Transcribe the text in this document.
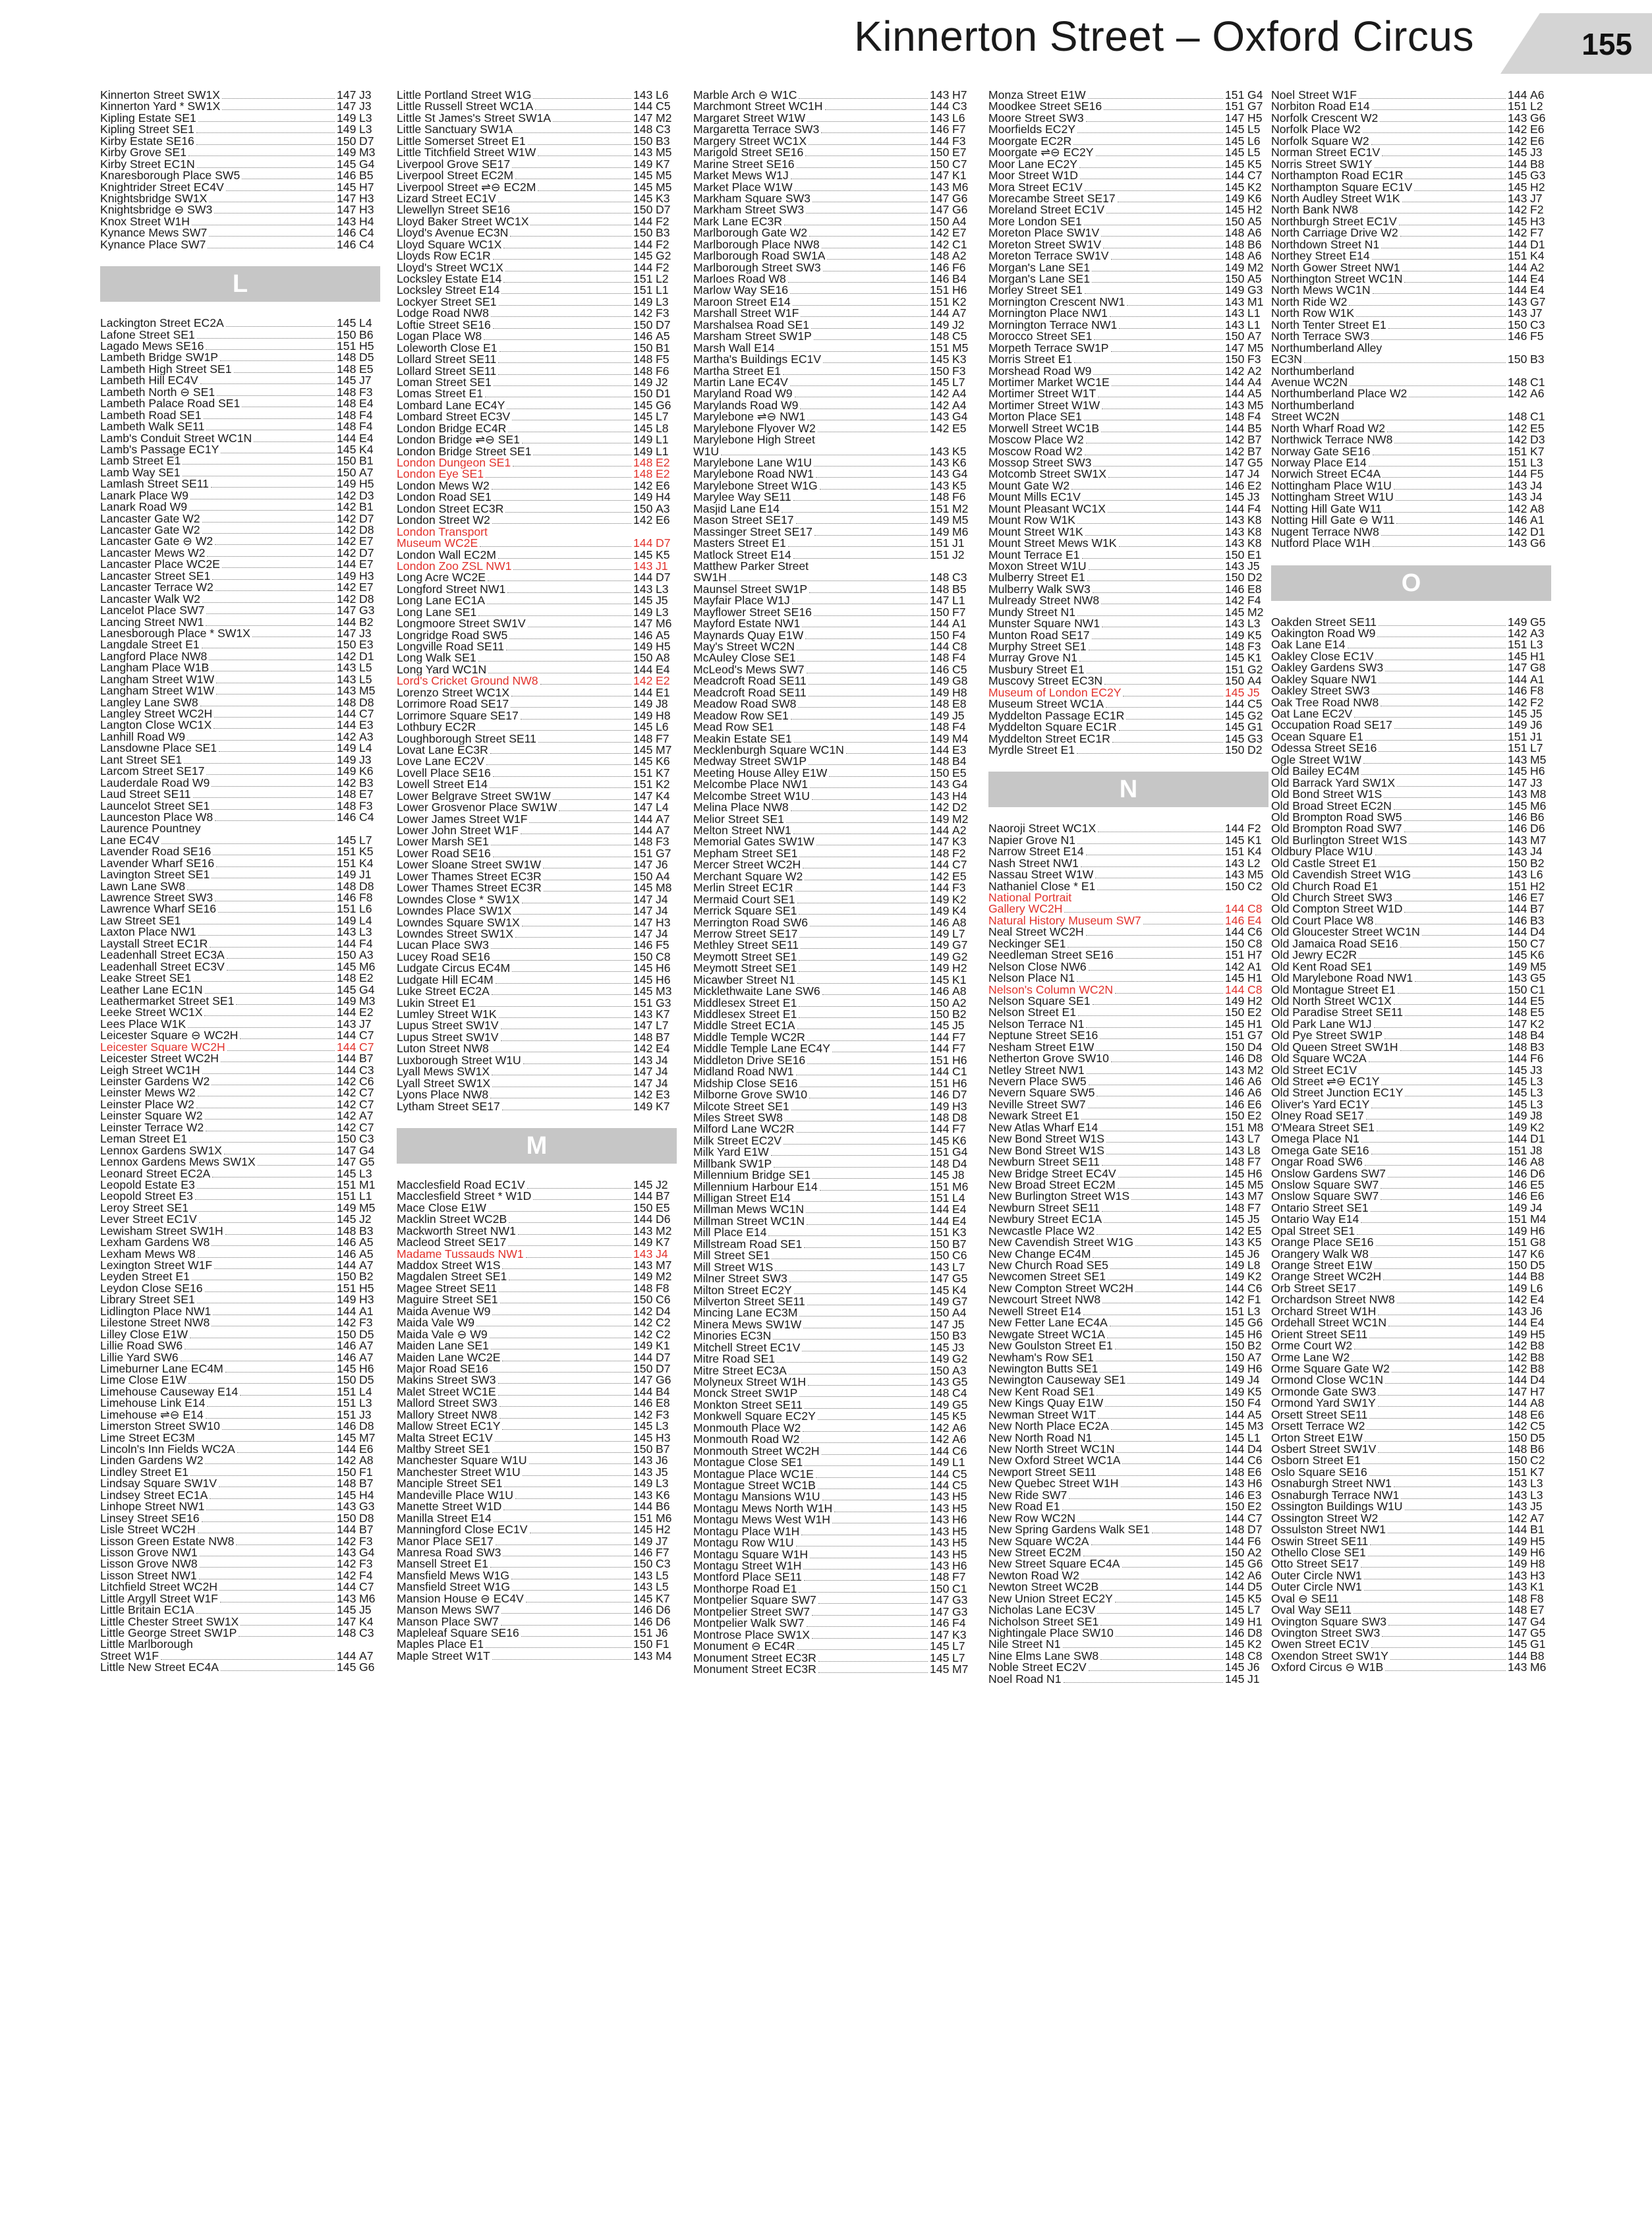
Kinnerton Street – Oxford Circus	155
Kinnerton Street SW1X	147 J3
Kinnerton Yard * SW1X	147 J3
Kipling Estate SE1	149 L3
Kipling Street SE1	149 L3
Kirby Estate SE16	150 D7
Kirby Grove SE1	149 M3
Kirby Street EC1N	145 G4
Knaresborough Place SW5	146 B5
Knightrider Street EC4V	145 H7
Knightsbridge SW1X	147 H3
Knightsbridge ⊖ SW3	147 H3
Knox Street W1H	143 H4
Kynance Mews SW7	146 C4
Kynance Place SW7	146 C4
L
Lackington Street EC2A	145 L4
Lafone Street SE1	150 B6
Lagado Mews SE16	151 H5
Lambeth Bridge SW1P	148 D5
Lambeth High Street SE1	148 E5
Lambeth Hill EC4V	145 J7
Lambeth North ⊖ SE1	148 F3
Lambeth Palace Road SE1	148 E4
Lambeth Road SE1	148 F4
Lambeth Walk SE11	148 F4
Lamb's Conduit Street WC1N	144 E4
Lamb's Passage EC1Y	145 K4
Lamb Street E1	150 B1
Lamb Way SE1	150 A7
Lamlash Street SE11	149 H5
Lanark Place W9	142 D3
Lanark Road W9	142 B1
Lancaster Gate W2	142 D7
Lancaster Gate W2	142 D8
Lancaster Gate ⊖ W2	142 E7
Lancaster Mews W2	142 D7
Lancaster Place WC2E	144 E7
Lancaster Street SE1	149 H3
Lancaster Terrace W2	142 E7
Lancaster Walk W2	142 D8
Lancelot Place SW7	147 G3
Lancing Street NW1	144 B2
Lanesborough Place * SW1X	147 J3
Langdale Street E1	150 E3
Langford Place NW8	142 D1
Langham Place W1B	143 L5
Langham Street W1W	143 L5
Langham Street W1W	143 M5
Langley Lane SW8	148 D8
Langley Street WC2H	144 C7
Langton Close WC1X	144 E3
Lanhill Road W9	142 A3
Lansdowne Place SE1	149 L4
Lant Street SE1	149 J3
Larcom Street SE17	149 K6
Lauderdale Road W9	142 B3
Laud Street SE11	148 E7
Launcelot Street SE1	148 F3
Launceston Place W8	146 C4
Laurence Pountney
Lane EC4V	145 L7
Lavender Road SE16	151 K5
Lavender Wharf SE16	151 K4
Lavington Street SE1	149 J1
Lawn Lane SW8	148 D8
Lawrence Street SW3	146 F8
Lawrence Wharf SE16	151 L6
Law Street SE1	149 L4
Laxton Place NW1	143 L3
Laystall Street EC1R	144 F4
Leadenhall Street EC3A	150 A3
Leadenhall Street EC3V	145 M6
Leake Street SE1	148 E2
Leather Lane EC1N	145 G4
Leathermarket Street SE1	149 M3
Leeke Street WC1X	144 E2
Lees Place W1K	143 J7
Leicester Square ⊖ WC2H	144 C7
Leicester Square WC2H	144 C7
Leicester Street WC2H	144 B7
Leigh Street WC1H	144 C3
Leinster Gardens W2	142 C6
Leinster Mews W2	142 C7
Leinster Place W2	142 C7
Leinster Square W2	142 A7
Leinster Terrace W2	142 C7
Leman Street E1	150 C3
Lennox Gardens SW1X	147 G4
Lennox Gardens Mews SW1X	147 G5
Leonard Street EC2A	145 L3
Leopold Estate E3	151 M1
Leopold Street E3	151 L1
Leroy Street SE1	149 M5
Lever Street EC1V	145 J2
Lewisham Street SW1H	148 B3
Lexham Gardens W8	146 A5
Lexham Mews W8	146 A5
Lexington Street W1F	144 A7
Leyden Street E1	150 B2
Leydon Close SE16	151 H5
Library Street SE1	149 H3
Lidlington Place NW1	144 A1
Lilestone Street NW8	142 F3
Lilley Close E1W	150 D5
Lillie Road SW6	146 A7
Lillie Yard SW6	146 A7
Limeburner Lane EC4M	145 H6
Lime Close E1W	150 D5
Limehouse Causeway E14	151 L4
Limehouse Link E14	151 L3
Limehouse ⇌⊖ E14	151 J3
Limerston Street SW10	146 D8
Lime Street EC3M	145 M7
Lincoln's Inn Fields WC2A	144 E6
Linden Gardens W2	142 A8
Lindley Street E1	150 F1
Lindsay Square SW1V	148 B7
Lindsey Street EC1A	145 H4
Linhope Street NW1	143 G3
Linsey Street SE16	150 D8
Lisle Street WC2H	144 B7
Lisson Green Estate NW8	142 F3
Lisson Grove NW1	143 G4
Lisson Grove NW8	142 F3
Lisson Street NW1	142 F4
Litchfield Street WC2H	144 C7
Little Argyll Street W1F	143 M6
Little Britain EC1A	145 J5
Little Chester Street SW1X	147 K4
Little George Street SW1P	148 C3
Little Marlborough
Street W1F	144 A7
Little New Street EC4A	145 G6
Little Portland Street W1G	143 L6
Little Russell Street WC1A	144 C5
Little St James's Street SW1A	147 M2
Little Sanctuary SW1A	148 C3
Little Somerset Street E1	150 B3
Little Titchfield Street W1W	143 M5
Liverpool Grove SE17	149 K7
Liverpool Street EC2M	145 M5
Liverpool Street ⇌⊖ EC2M	145 M5
Lizard Street EC1V	145 K3
Llewellyn Street SE16	150 D7
Lloyd Baker Street WC1X	144 F2
Lloyd's Avenue EC3N	150 B3
Lloyd Square WC1X	144 F2
Lloyds Row EC1R	145 G2
Lloyd's Street WC1X	144 F2
Locksley Estate E14	151 L2
Locksley Street E14	151 L1
Lockyer Street SE1	149 L3
Lodge Road NW8	142 F3
Loftie Street SE16	150 D7
Logan Place W8	146 A5
Loleworth Close E1	150 B1
Lollard Street SE11	148 F5
Lollard Street SE11	148 F6
Loman Street SE1	149 J2
Lomas Street E1	150 D1
Lombard Lane EC4Y	145 G6
Lombard Street EC3V	145 L7
London Bridge EC4R	145 L8
London Bridge ⇌⊖ SE1	149 L1
London Bridge Street SE1	149 L1
London Dungeon SE1	148 E2
London Eye SE1	148 E2
London Mews W2	142 E6
London Road SE1	149 H4
London Street EC3R	150 A3
London Street W2	142 E6
London Transport
Museum WC2E	144 D7
London Wall EC2M	145 K5
London Zoo ZSL NW1	143 J1
Long Acre WC2E	144 D7
Longford Street NW1	143 L3
Long Lane EC1A	145 J5
Long Lane SE1	149 L3
Longmoore Street SW1V	147 M6
Longridge Road SW5	146 A5
Longville Road SE11	149 H5
Long Walk SE1	150 A8
Long Yard WC1N	144 E4
Lord's Cricket Ground NW8	142 E2
Lorenzo Street WC1X	144 E1
Lorrimore Road SE17	149 J8
Lorrimore Square SE17	149 H8
Lothbury EC2R	145 L6
Loughborough Street SE11	148 F7
Lovat Lane EC3R	145 M7
Love Lane EC2V	145 K6
Lovell Place SE16	151 K7
Lowell Street E14	151 K2
Lower Belgrave Street SW1W	147 K4
Lower Grosvenor Place SW1W	147 L4
Lower James Street W1F	144 A7
Lower John Street W1F	144 A7
Lower Marsh SE1	148 F3
Lower Road SE16	151 G7
Lower Sloane Street SW1W	147 J6
Lower Thames Street EC3R	150 A4
Lower Thames Street EC3R	145 M8
Lowndes Close * SW1X	147 J4
Lowndes Place SW1X	147 J4
Lowndes Square SW1X	147 H3
Lowndes Street SW1X	147 J4
Lucan Place SW3	146 F5
Lucey Road SE16	150 C8
Ludgate Circus EC4M	145 H6
Ludgate Hill EC4M	145 H6
Luke Street EC2A	145 M3
Lukin Street E1	151 G3
Lumley Street W1K	143 K7
Lupus Street SW1V	147 L7
Lupus Street SW1V	148 B7
Luton Street NW8	142 E4
Luxborough Street W1U	143 J4
Lyall Mews SW1X	147 J4
Lyall Street SW1X	147 J4
Lyons Place NW8	142 E3
Lytham Street SE17	149 K7
M
Macclesfield Road EC1V	145 J2
Macclesfield Street * W1D	144 B7
Mace Close E1W	150 E5
Macklin Street WC2B	144 D6
Mackworth Street NW1	143 M2
Macleod Street SE17	149 K7
Madame Tussauds NW1	143 J4
Maddox Street W1S	143 M7
Magdalen Street SE1	149 M2
Magee Street SE11	148 F8
Maguire Street SE1	150 C6
Maida Avenue W9	142 D4
Maida Vale W9	142 C2
Maida Vale ⊖ W9	142 C2
Maiden Lane SE1	149 K1
Maiden Lane WC2E	144 D7
Major Road SE16	150 D7
Makins Street SW3	147 G6
Malet Street WC1E	144 B4
Mallord Street SW3	146 E8
Mallory Street NW8	142 F3
Mallow Street EC1Y	145 L3
Malta Street EC1V	145 H3
Maltby Street SE1	150 B7
Manchester Square W1U	143 J6
Manchester Street W1U	143 J5
Manciple Street SE1	149 L3
Mandeville Place W1U	143 K6
Manette Street W1D	144 B6
Manilla Street E14	151 M6
Manningford Close EC1V	145 H2
Manor Place SE17	149 J7
Manresa Road SW3	146 F7
Mansell Street E1	150 C3
Mansfield Mews W1G	143 L5
Mansfield Street W1G	143 L5
Mansion House ⊖ EC4V	145 K7
Manson Mews SW7	146 D6
Manson Place SW7	146 D6
Mapleleaf Square SE16	151 J6
Maples Place E1	150 F1
Maple Street W1T	143 M4
Marble Arch ⊖ W1C	143 H7
Marchmont Street WC1H	144 C3
Margaret Street W1W	143 L6
Margaretta Terrace SW3	146 F7
Margery Street WC1X	144 F3
Marigold Street SE16	150 E7
Marine Street SE16	150 C7
Market Mews W1J	147 K1
Market Place W1W	143 M6
Markham Square SW3	147 G6
Markham Street SW3	147 G6
Mark Lane EC3R	150 A4
Marlborough Gate W2	142 E7
Marlborough Place NW8	142 C1
Marlborough Road SW1A	148 A2
Marlborough Street SW3	146 F6
Marloes Road W8	146 B4
Marlow Way SE16	151 H6
Maroon Street E14	151 K2
Marshall Street W1F	144 A7
Marshalsea Road SE1	149 J2
Marsham Street SW1P	148 C5
Marsh Wall E14	151 M5
Martha's Buildings EC1V	145 K3
Martha Street E1	150 F3
Martin Lane EC4V	145 L7
Maryland Road W9	142 A4
Marylands Road W9	142 A4
Marylebone ⇌⊖ NW1	143 G4
Marylebone Flyover W2	142 E5
Marylebone High Street
W1U	143 K5
Marylebone Lane W1U	143 K6
Marylebone Road NW1	143 G4
Marylebone Street W1G	143 K5
Marylee Way SE11	148 F6
Masjid Lane E14	151 M2
Mason Street SE17	149 M5
Massinger Street SE17	149 M6
Masters Street E1	151 J1
Matlock Street E14	151 J2
Matthew Parker Street
SW1H	148 C3
Maunsel Street SW1P	148 B5
Mayfair Place W1J	147 L1
Mayflower Street SE16	150 F7
Mayford Estate NW1	144 A1
Maynards Quay E1W	150 F4
May's Street WC2N	144 C8
McAuley Close SE1	148 F4
McLeod's Mews SW7	146 C5
Meadcroft Road SE11	149 G8
Meadcroft Road SE11	149 H8
Meadow Road SW8	148 E8
Meadow Row SE1	149 J5
Mead Row SE1	148 F4
Meakin Estate SE1	149 M4
Mecklenburgh Square WC1N	144 E3
Medway Street SW1P	148 B4
Meeting House Alley E1W	150 E5
Melcombe Place NW1	143 G4
Melcombe Street W1U	143 H4
Melina Place NW8	142 D2
Melior Street SE1	149 M2
Melton Street NW1	144 A2
Memorial Gates SW1W	147 K3
Mepham Street SE1	148 F2
Mercer Street WC2H	144 C7
Merchant Square W2	142 E5
Merlin Street EC1R	144 F3
Mermaid Court SE1	149 K2
Merrick Square SE1	149 K4
Merrington Road SW6	146 A8
Merrow Street SE17	149 L7
Methley Street SE11	149 G7
Meymott Street SE1	149 G2
Meymott Street SE1	149 H2
Micawber Street N1	145 K1
Micklethwaite Lane SW6	146 A8
Middlesex Street E1	150 A2
Middlesex Street E1	150 B2
Middle Street EC1A	145 J5
Middle Temple WC2R	144 F7
Middle Temple Lane EC4Y	144 F7
Middleton Drive SE16	151 H6
Midland Road NW1	144 C1
Midship Close SE16	151 H6
Milborne Grove SW10	146 D7
Milcote Street SE1	149 H3
Miles Street SW8	148 D8
Milford Lane WC2R	144 F7
Milk Street EC2V	145 K6
Milk Yard E1W	151 G4
Millbank SW1P	148 D4
Millennium Bridge SE1	145 J8
Millennium Harbour E14	151 M6
Milligan Street E14	151 L4
Millman Mews WC1N	144 E4
Millman Street WC1N	144 E4
Mill Place E14	151 K3
Millstream Road SE1	150 B7
Mill Street SE1	150 C6
Mill Street W1S	143 L7
Milner Street SW3	147 G5
Milton Street EC2Y	145 K4
Milverton Street SE11	149 G7
Mincing Lane EC3M	150 A4
Minera Mews SW1W	147 J5
Minories EC3N	150 B3
Mitchell Street EC1V	145 J3
Mitre Road SE1	149 G2
Mitre Street EC3A	150 A3
Molyneux Street W1H	143 G5
Monck Street SW1P	148 C4
Monkton Street SE11	149 G5
Monkwell Square EC2Y	145 K5
Monmouth Place W2	142 A6
Monmouth Road W2	142 A6
Monmouth Street WC2H	144 C6
Montague Close SE1	149 L1
Montague Place WC1E	144 C5
Montague Street WC1B	144 C5
Montagu Mansions W1U	143 H5
Montagu Mews North W1H	143 H5
Montagu Mews West W1H	143 H6
Montagu Place W1H	143 H5
Montagu Row W1U	143 H5
Montagu Square W1H	143 H5
Montagu Street W1H	143 H6
Montford Place SE11	148 F7
Monthorpe Road E1	150 C1
Montpelier Square SW7	147 G3
Montpelier Street SW7	147 G3
Montpelier Walk SW7	146 F4
Montrose Place SW1X	147 K3
Monument ⊖ EC4R	145 L7
Monument Street EC3R	145 L7
Monument Street EC3R	145 M7
Monza Street E1W	151 G4
Moodkee Street SE16	151 G7
Moore Street SW3	147 H5
Moorfields EC2Y	145 L5
Moorgate EC2R	145 L6
Moorgate ⇌⊖ EC2Y	145 L5
Moor Lane EC2Y	145 K5
Moor Street W1D	144 C7
Mora Street EC1V	145 K2
Morecambe Street SE17	149 K6
Moreland Street EC1V	145 H2
More London SE1	150 A5
Moreton Place SW1V	148 A6
Moreton Street SW1V	148 B6
Moreton Terrace SW1V	148 A6
Morgan's Lane SE1	149 M2
Morgan's Lane SE1	150 A5
Morley Street SE1	149 G3
Mornington Crescent NW1	143 M1
Mornington Place NW1	143 L1
Mornington Terrace NW1	143 L1
Morocco Street SE1	150 A7
Morpeth Terrace SW1P	147 M5
Morris Street E1	150 F3
Morshead Road W9	142 A2
Mortimer Market WC1E	144 A4
Mortimer Street W1T	144 A5
Mortimer Street W1W	143 M5
Morton Place SE1	148 F4
Morwell Street WC1B	144 B5
Moscow Place W2	142 B7
Moscow Road W2	142 B7
Mossop Street SW3	147 G5
Motcomb Street SW1X	147 J4
Mount Gate W2	146 E2
Mount Mills EC1V	145 J3
Mount Pleasant WC1X	144 F4
Mount Row W1K	143 K8
Mount Street W1K	143 K8
Mount Street Mews W1K	143 K8
Mount Terrace E1	150 E1
Moxon Street W1U	143 J5
Mulberry Street E1	150 D2
Mulberry Walk SW3	146 E8
Mulready Street NW8	142 F4
Mundy Street N1	145 M2
Munster Square NW1	143 L3
Munton Road SE17	149 K5
Murphy Street SE1	148 F3
Murray Grove N1	145 K1
Musbury Street E1	151 G2
Muscovy Street EC3N	150 A4
Museum of London EC2Y	145 J5
Museum Street WC1A	144 C5
Myddelton Passage EC1R	145 G2
Myddelton Square EC1R	145 G1
Myddelton Street EC1R	145 G3
Myrdle Street E1	150 D2
N
Naoroji Street WC1X	144 F2
Napier Grove N1	145 K1
Narrow Street E14	151 K4
Nash Street NW1	143 L2
Nassau Street W1W	143 M5
Nathaniel Close * E1	150 C2
National Portrait
Gallery WC2H	144 C8
Natural History Museum SW7	146 E4
Neal Street WC2H	144 C6
Neckinger SE1	150 C8
Needleman Street SE16	151 H7
Nelson Close NW6	142 A1
Nelson Place N1	145 H1
Nelson's Column WC2N	144 C8
Nelson Square SE1	149 H2
Nelson Street E1	150 E2
Nelson Terrace N1	145 H1
Neptune Street SE16	151 G7
Nesham Street E1W	150 D4
Netherton Grove SW10	146 D8
Netley Street NW1	143 M2
Nevern Place SW5	146 A6
Nevern Square SW5	146 A6
Neville Street SW7	146 E6
Newark Street E1	150 E2
New Atlas Wharf E14	151 M8
New Bond Street W1S	143 L7
New Bond Street W1S	143 L8
Newburn Street SE11	148 F7
New Bridge Street EC4V	145 H6
New Broad Street EC2M	145 M5
New Burlington Street W1S	143 M7
Newburn Street SE11	148 F7
Newbury Street EC1A	145 J5
Newcastle Place W2	142 E5
New Cavendish Street W1G	143 K5
New Change EC4M	145 J6
New Church Road SE5	149 L8
Newcomen Street SE1	149 K2
New Compton Street WC2H	144 C6
Newcourt Street NW8	142 F1
Newell Street E14	151 L3
New Fetter Lane EC4A	145 G6
Newgate Street WC1A	145 H6
New Goulston Street E1	150 B2
Newham's Row SE1	150 A7
Newington Butts SE1	149 H6
Newington Causeway SE1	149 J4
New Kent Road SE1	149 K5
New Kings Quay E1W	150 F4
Newman Street W1T	144 A5
New North Place EC2A	145 M3
New North Road N1	145 L1
New North Street WC1N	144 D4
New Oxford Street WC1A	144 C6
Newport Street SE11	148 E6
New Quebec Street W1H	143 H6
New Ride SW7	146 E3
New Road E1	150 E2
New Row WC2N	144 C7
New Spring Gardens Walk SE1	148 D7
New Square WC2A	144 F6
New Street EC2M	150 A2
New Street Square EC4A	145 G6
Newton Road W2	142 A6
Newton Street WC2B	144 D5
New Union Street EC2Y	145 K5
Nicholas Lane EC3V	145 L7
Nicholson Street SE1	149 H1
Nightingale Place SW10	146 D8
Nile Street N1	145 K2
Nine Elms Lane SW8	148 C8
Noble Street EC2V	145 J6
Noel Road N1	145 J1
Noel Street W1F	144 A6
Norbiton Road E14	151 L2
Norfolk Crescent W2	143 G6
Norfolk Place W2	142 E6
Norfolk Square W2	142 E6
Norman Street EC1V	145 J3
Norris Street SW1Y	144 B8
Northampton Road EC1R	145 G3
Northampton Square EC1V	145 H2
North Audley Street W1K	143 J7
North Bank NW8	142 F2
Northburgh Street EC1V	145 H3
North Carriage Drive W2	142 F7
Northdown Street N1	144 D1
Northey Street E14	151 K4
North Gower Street NW1	144 A2
Northington Street WC1N	144 E4
North Mews WC1N	144 E4
North Ride W2	143 G7
North Row W1K	143 J7
North Tenter Street E1	150 C3
North Terrace SW3	146 F5
Northumberland Alley
EC3N	150 B3
Northumberland
Avenue WC2N	148 C1
Northumberland Place W2	142 A6
Northumberland
Street WC2N	148 C1
North Wharf Road W2	142 E5
Northwick Terrace NW8	142 D3
Norway Gate SE16	151 K7
Norway Place E14	151 L3
Norwich Street EC4A	144 F5
Nottingham Place W1U	143 J4
Nottingham Street W1U	143 J4
Notting Hill Gate W11	142 A8
Notting Hill Gate ⊖ W11	146 A1
Nugent Terrace NW8	142 D1
Nutford Place W1H	143 G6
O
Oakden Street SE11	149 G5
Oakington Road W9	142 A3
Oak Lane E14	151 L3
Oakley Close EC1V	145 H1
Oakley Gardens SW3	147 G8
Oakley Square NW1	144 A1
Oakley Street SW3	146 F8
Oak Tree Road NW8	142 F2
Oat Lane EC2V	145 J5
Occupation Road SE17	149 J6
Ocean Square E1	151 J1
Odessa Street SE16	151 L7
Ogle Street W1W	143 M5
Old Bailey EC4M	145 H6
Old Barrack Yard SW1X	147 J3
Old Bond Street W1S	143 M8
Old Broad Street EC2N	145 M6
Old Brompton Road SW5	146 B6
Old Brompton Road SW7	146 D6
Old Burlington Street W1S	143 M7
Oldbury Place W1U	143 J4
Old Castle Street E1	150 B2
Old Cavendish Street W1G	143 L6
Old Church Road E1	151 H2
Old Church Street SW3	146 E7
Old Compton Street W1D	144 B7
Old Court Place W8	146 B3
Old Gloucester Street WC1N	144 D4
Old Jamaica Road SE16	150 C7
Old Jewry EC2R	145 K6
Old Kent Road SE1	149 M5
Old Marylebone Road NW1	143 G5
Old Montague Street E1	150 C1
Old North Street WC1X	144 E5
Old Paradise Street SE11	148 E5
Old Park Lane W1J	147 K2
Old Pye Street SW1P	148 B4
Old Queen Street SW1H	148 B3
Old Square WC2A	144 F6
Old Street EC1V	145 J3
Old Street ⇌⊖ EC1Y	145 L3
Old Street Junction EC1Y	145 L3
Oliver's Yard EC1Y	145 L3
Olney Road SE17	149 J8
O'Meara Street SE1	149 K2
Omega Place N1	144 D1
Omega Gate SE16	151 J8
Ongar Road SW6	146 A8
Onslow Gardens SW7	146 D6
Onslow Square SW7	146 E5
Onslow Square SW7	146 E6
Ontario Street SE1	149 J4
Ontario Way E14	151 M4
Opal Street SE1	149 H6
Orange Place SE16	151 G8
Orangery Walk W8	147 K6
Orange Street E1W	150 D5
Orange Street WC2H	144 B8
Orb Street SE17	149 L6
Orchardson Street NW8	142 E4
Orchard Street W1H	143 J6
Ordehall Street WC1N	144 E4
Orient Street SE11	149 H5
Orme Court W2	142 B8
Orme Lane W2	142 B8
Orme Square Gate W2	142 B8
Ormond Close WC1N	144 D4
Ormonde Gate SW3	147 H7
Ormond Yard SW1Y	144 A8
Orsett Street SE11	148 E6
Orsett Terrace W2	142 C5
Orton Street E1W	150 D5
Osbert Street SW1V	148 B6
Osborn Street E1	150 C2
Oslo Square SE16	151 K7
Osnaburgh Street NW1	143 L3
Osnaburgh Terrace NW1	143 L3
Ossington Buildings W1U	143 J5
Ossington Street W2	142 A7
Ossulston Street NW1	144 B1
Oswin Street SE11	149 H5
Othello Close SE1	149 H6
Otto Street SE17	149 H8
Outer Circle NW1	143 H3
Outer Circle NW1	143 K1
Oval ⊖ SE11	148 F8
Oval Way SE11	148 E7
Ovington Square SW3	147 G4
Ovington Street SW3	147 G5
Owen Street EC1V	145 G1
Oxendon Street SW1Y	144 B8
Oxford Circus ⊖ W1B	143 M6
